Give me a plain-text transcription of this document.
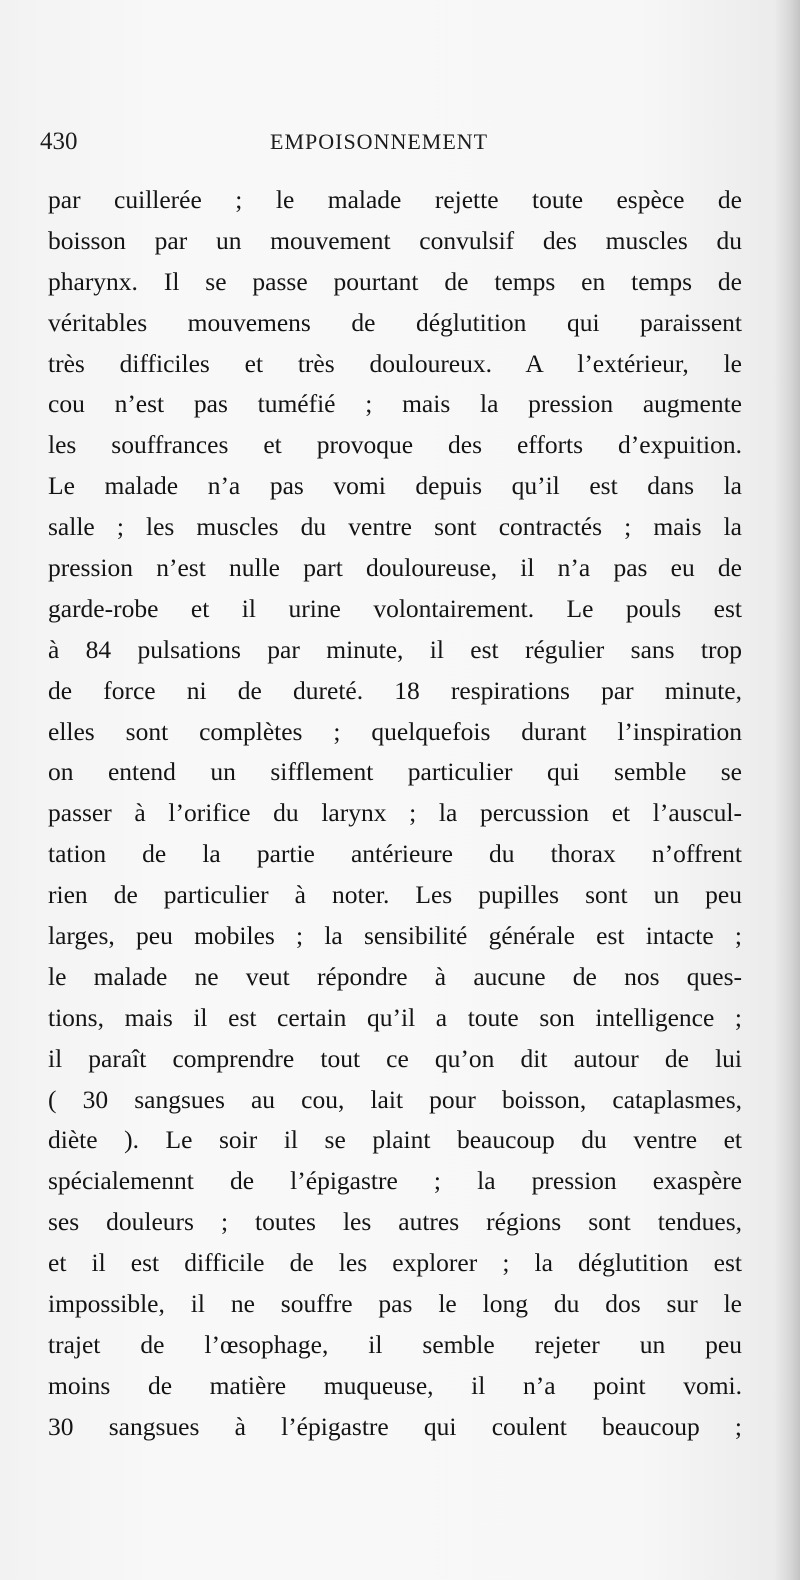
430	EMPOISONNEMENT
par cuillerée ; le malade rejette toute espèce de
boisson par un mouvement convulsif des muscles du
pharynx. Il se passe pourtant de temps en temps de
véritables mouvemens de déglutition qui paraissent
très difficiles et très douloureux. A l’extérieur, le
cou n’est pas tuméfié ; mais la pression augmente
les souffrances et provoque des efforts d’expuition.
Le malade n’a pas vomi depuis qu’il est dans la
salle ; les muscles du ventre sont contractés ; mais la
pression n’est nulle part douloureuse, il n’a pas eu de
garde-robe et il urine volontairement. Le pouls est
à 84 pulsations par minute, il est régulier sans trop
de force ni de dureté. 18 respirations par minute,
elles sont complètes ; quelquefois durant l’inspiration
on entend un sifflement particulier qui semble se
passer à l’orifice du larynx ; la percussion et l’auscul-
tation de la partie antérieure du thorax n’offrent
rien de particulier à noter. Les pupilles sont un peu
larges, peu mobiles ; la sensibilité générale est intacte ;
le malade ne veut répondre à aucune de nos ques-
tions, mais il est certain qu’il a toute son intelligence ;
il paraît comprendre tout ce qu’on dit autour de lui
( 30 sangsues au cou, lait pour boisson, cataplasmes,
diète ). Le soir il se plaint beaucoup du ventre et
spécialemennt de l’épigastre ; la pression exaspère
ses douleurs ; toutes les autres régions sont tendues,
et il est difficile de les explorer ; la déglutition est
impossible, il ne souffre pas le long du dos sur le
trajet de l’œsophage, il semble rejeter un peu
moins de matière muqueuse, il n’a point vomi.
30 sangsues à l’épigastre qui coulent beaucoup ;
